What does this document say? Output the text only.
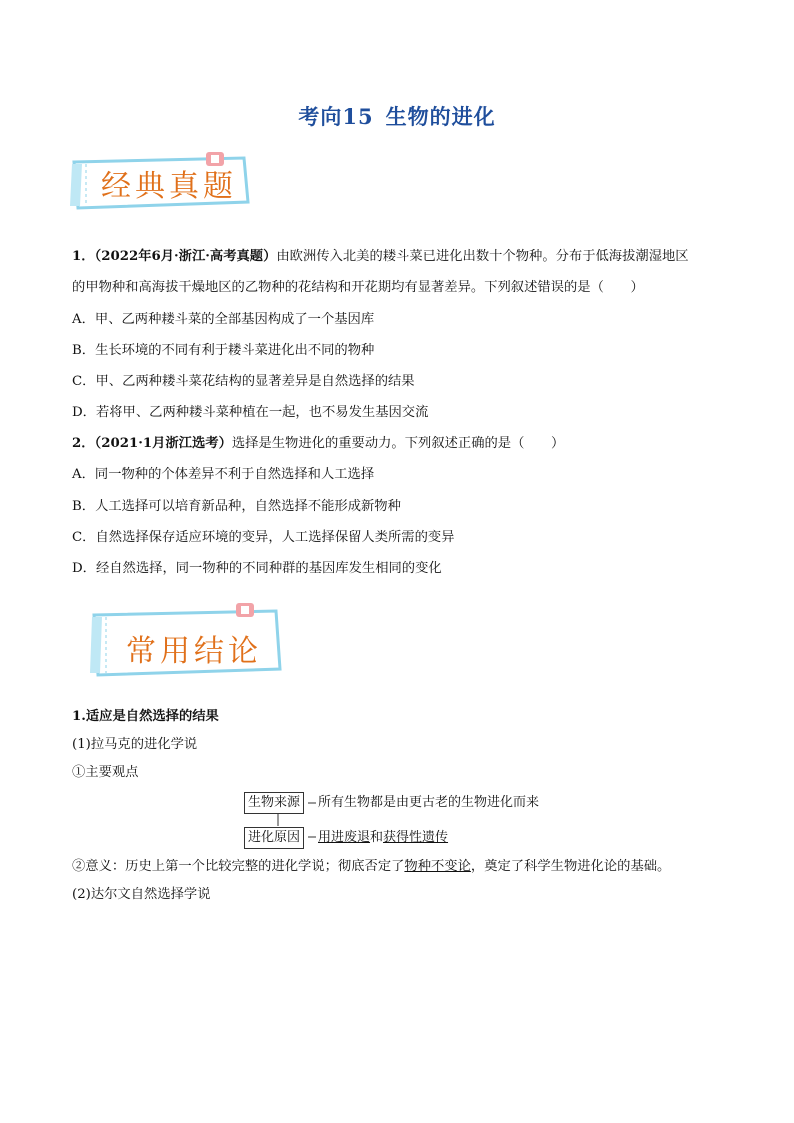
考向15 生物的进化
经典真题
1．（2022年6月·浙江·高考真题）由欧洲传入北美的耧斗菜已进化出数十个物种。分布于低海拔潮湿地区
的甲物种和高海拔干燥地区的乙物种的花结构和开花期均有显著差异。下列叙述错误的是（　　）
A．甲、乙两种耧斗菜的全部基因构成了一个基因库
B．生长环境的不同有利于耧斗菜进化出不同的物种
C．甲、乙两种耧斗菜花结构的显著差异是自然选择的结果
D．若将甲、乙两种耧斗菜种植在一起，也不易发生基因交流
2．（2021·1月浙江选考）选择是生物进化的重要动力。下列叙述正确的是（　　）
A．同一物种的个体差异不利于自然选择和人工选择
B．人工选择可以培育新品种，自然选择不能形成新物种
C．自然选择保存适应环境的变异，人工选择保留人类所需的变异
D．经自然选择，同一物种的不同种群的基因库发生相同的变化
常用结论
1.适应是自然选择的结果
(1)拉马克的进化学说
①主要观点
生物来源	所有生物都是由更古老的生物进化而来
进化原因	用进废退和获得性遗传
②意义：历史上第一个比较完整的进化学说；彻底否定了物种不变论，奠定了科学生物进化论的基础。
(2)达尔文自然选择学说
